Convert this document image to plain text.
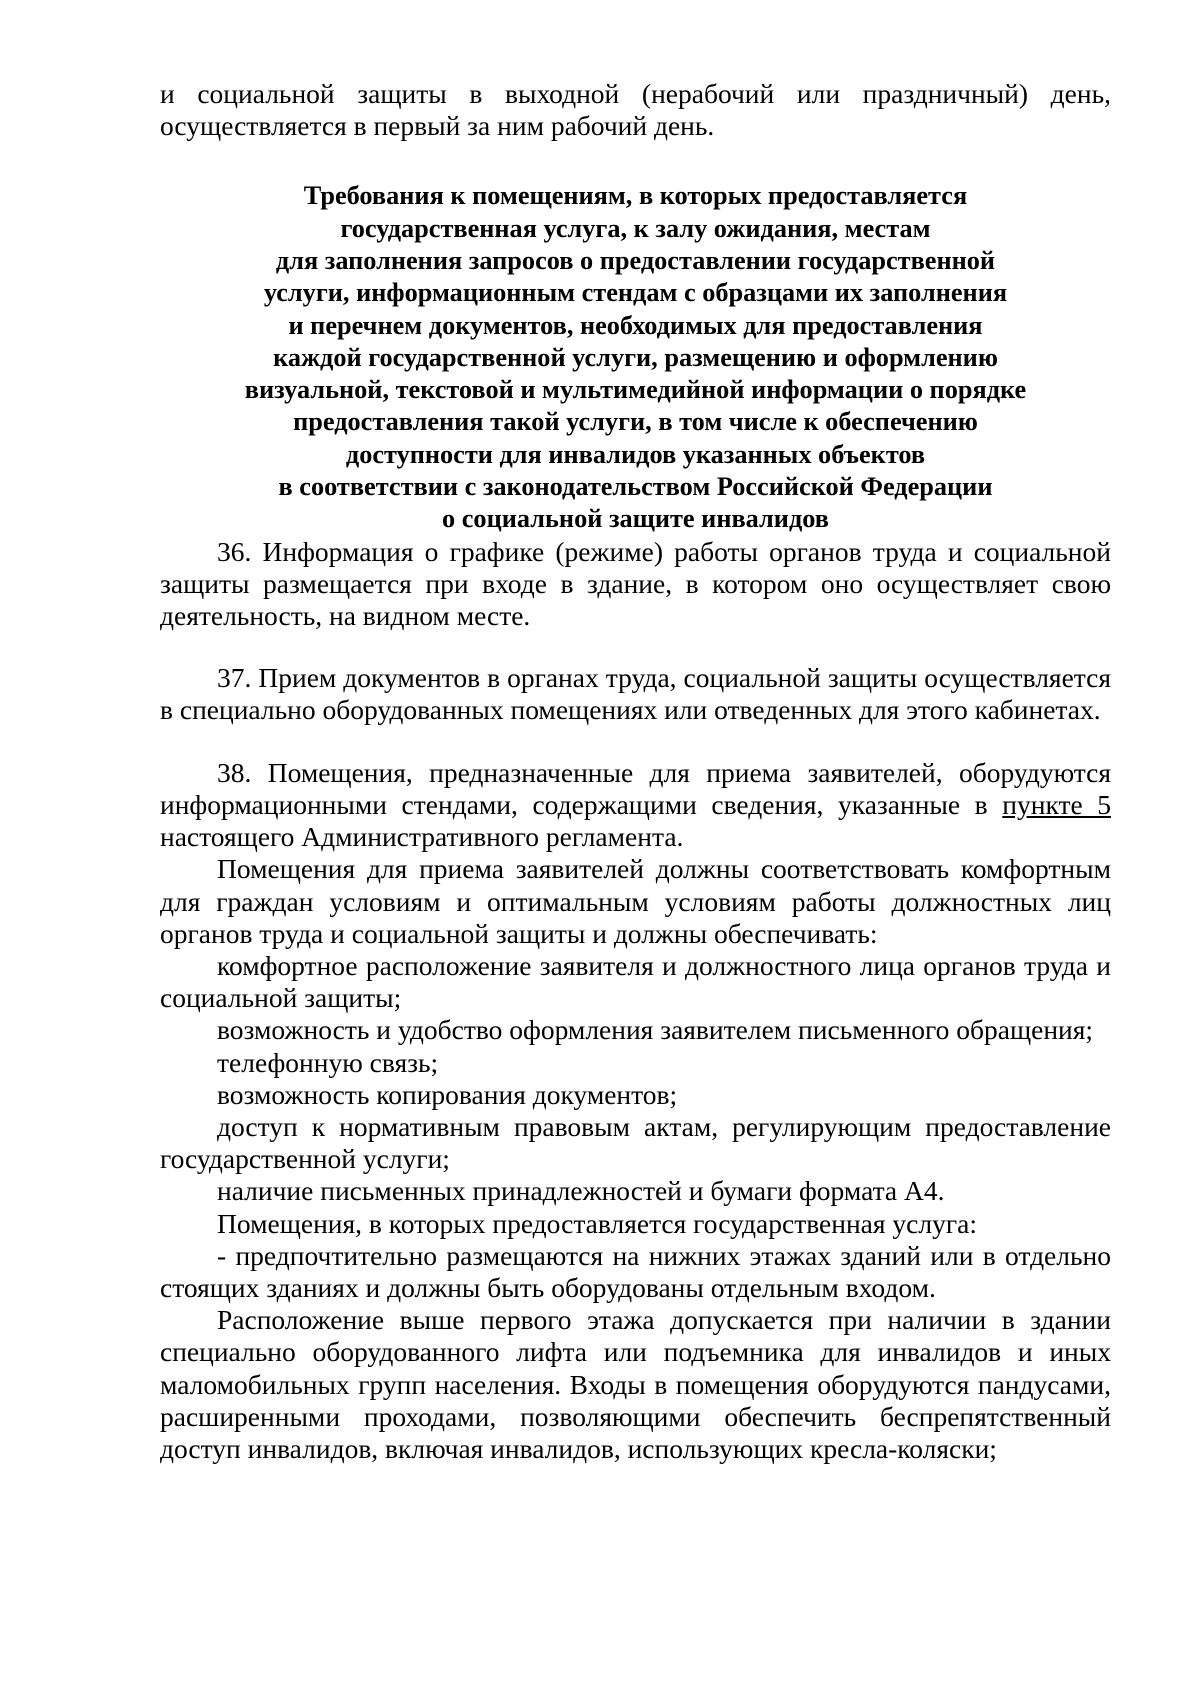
и социальной защиты в выходной (нерабочий или праздничный) день, осуществляется в первый за ним рабочий день.

Требования к помещениям, в которых предоставляется
государственная услуга, к залу ожидания, местам
для заполнения запросов о предоставлении государственной
услуги, информационным стендам с образцами их заполнения
и перечнем документов, необходимых для предоставления
каждой государственной услуги, размещению и оформлению
визуальной, текстовой и мультимедийной информации о порядке
предоставления такой услуги, в том числе к обеспечению
доступности для инвалидов указанных объектов
в соответствии с законодательством Российской Федерации
о социальной защите инвалидов

36. Информация о графике (режиме) работы органов труда и социальной защиты размещается при входе в здание, в котором оно осуществляет свою деятельность, на видном месте.

37. Прием документов в органах труда, социальной защиты осуществляется в специально оборудованных помещениях или отведенных для этого кабинетах.

38. Помещения, предназначенные для приема заявителей, оборудуются информационными стендами, содержащими сведения, указанные в пункте 5 настоящего Административного регламента.

Помещения для приема заявителей должны соответствовать комфортным для граждан условиям и оптимальным условиям работы должностных лиц органов труда и социальной защиты и должны обеспечивать:

комфортное расположение заявителя и должностного лица органов труда и социальной защиты;

возможность и удобство оформления заявителем письменного обращения;

телефонную связь;

возможность копирования документов;

доступ к нормативным правовым актам, регулирующим предоставление государственной услуги;

наличие письменных принадлежностей и бумаги формата А4.

Помещения, в которых предоставляется государственная услуга:

- предпочтительно размещаются на нижних этажах зданий или в отдельно стоящих зданиях и должны быть оборудованы отдельным входом.

Расположение выше первого этажа допускается при наличии в здании специально оборудованного лифта или подъемника для инвалидов и иных маломобильных групп населения. Входы в помещения оборудуются пандусами, расширенными проходами, позволяющими обеспечить беспрепятственный доступ инвалидов, включая инвалидов, использующих кресла-коляски;
